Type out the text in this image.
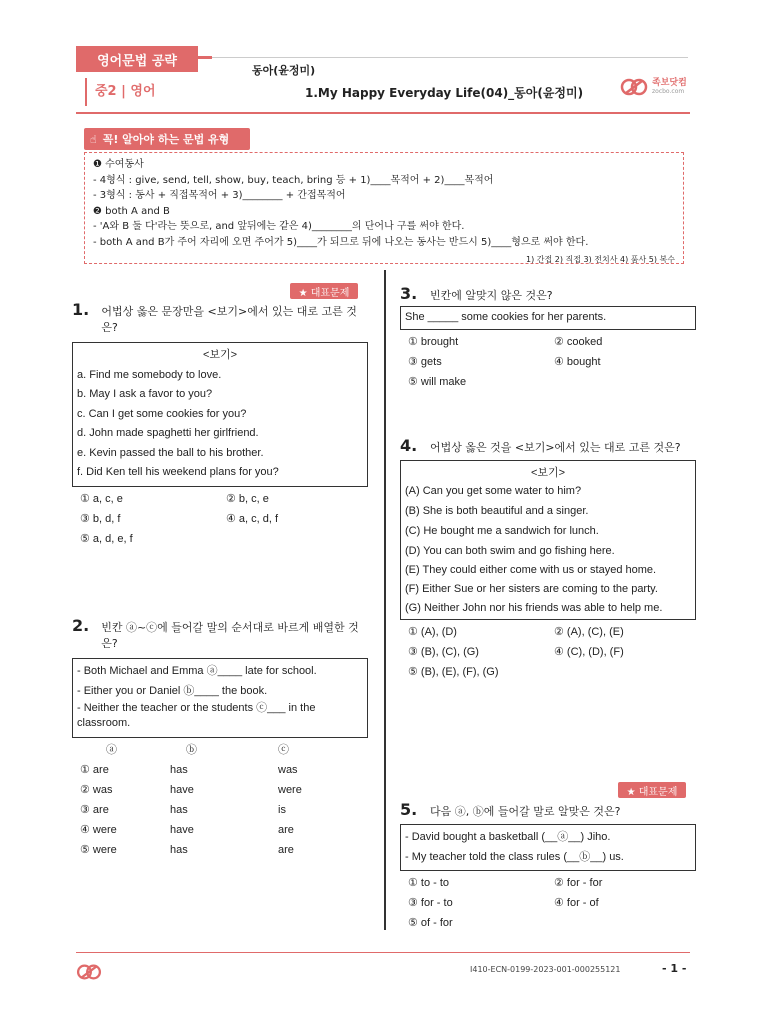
영어문법 공략
중2 | 영어
동아(윤정미)
1.My Happy Everyday Life(04)_동아(윤정미)
족보닷컴
zocbo.com
☝ 꼭! 알아야 하는 문법 유형
❶ 수여동사
- 4형식 : give, send, tell, show, buy, teach, bring 등 + 1)____목적어 + 2)____목적어
- 3형식 : 동사 + 직접목적어 + 3)________ + 간접목적어
❷ both A and B
- 'A와 B 둘 다'라는 뜻으로, and 앞뒤에는 같은 4)________의 단어나 구를 써야 한다.
- both A and B가 주어 자리에 오면 주어가 5)____가 되므로 뒤에 나오는 동사는 반드시 5)____형으로 써야 한다.
1) 간접 2) 직접 3) 전치사 4) 품사 5) 복수
★ 대표문제
1.	어법상 옳은 문장만을 <보기>에서 있는 대로 고른 것은?
<보기>
a. Find me somebody to love.
b. May I ask a favor to you?
c. Can I get some cookies for you?
d. John made spaghetti her girlfriend.
e. Kevin passed the ball to his brother.
f. Did Ken tell his weekend plans for you?
① a, c, e	② b, c, e
③ b, d, f	④ a, c, d, f
⑤ a, d, e, f
2.	빈칸 ⓐ~ⓒ에 들어갈 말의 순서대로 바르게 배열한 것은?
- Both Michael and Emma ⓐ____ late for school.
- Either you or Daniel ⓑ____ the book.
- Neither the teacher or the students ⓒ___ in the classroom.
ⓐ	ⓑ	ⓒ
① are	has	was
② was	have	were
③ are	has	is
④ were	have	are
⑤ were	has	are
3.	빈칸에 알맞지 않은 것은?
She _____ some cookies for her parents.
① brought	② cooked
③ gets	④ bought
⑤ will make
4.	어법상 옳은 것을 <보기>에서 있는 대로 고른 것은?
<보기>
(A) Can you get some water to him?
(B) She is both beautiful and a singer.
(C) He bought me a sandwich for lunch.
(D) You can both swim and go fishing here.
(E) They could either come with us or stayed home.
(F) Either Sue or her sisters are coming to the party.
(G) Neither John nor his friends was able to help me.
① (A), (D)	② (A), (C), (E)
③ (B), (C), (G)	④ (C), (D), (F)
⑤ (B), (E), (F), (G)
★ 대표문제
5.	다음 ⓐ, ⓑ에 들어갈 말로 알맞은 것은?
- David bought a basketball (__ⓐ__) Jiho.
- My teacher told the class rules (__ⓑ__) us.
① to - to	② for - for
③ for - to	④ for - of
⑤ of - for
I410-ECN-0199-2023-001-000255121	- 1 -
